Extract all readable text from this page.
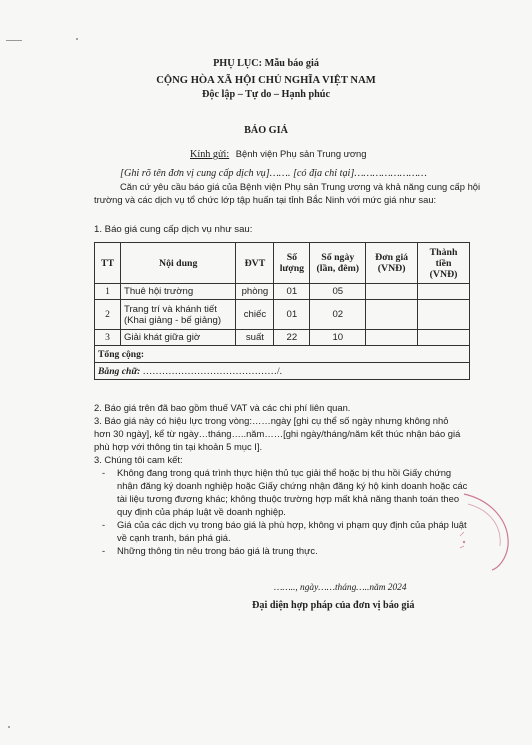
PHỤ LỤC: Mẫu báo giá
CỘNG HÒA XÃ HỘI CHỦ NGHĨA VIỆT NAM
Độc lập – Tự do – Hạnh phúc
BÁO GIÁ
Kính gửi: Bệnh viện Phụ sản Trung ương
[Ghi rõ tên đơn vị cung cấp dịch vụ]……. [có địa chỉ tại]……………………
Căn cứ yêu cầu báo giá của Bệnh viện Phụ sản Trung ương và khả năng cung cấp hội
trường và các dịch vụ tổ chức lớp tập huấn tại tỉnh Bắc Ninh với mức giá như sau:
1. Báo giá cung cấp dịch vụ như sau:
TT	Nội dung	ĐVT	Số
lượng	Số ngày
(lần, đêm)	Đơn giá
(VNĐ)	Thành tiền
(VNĐ)
1	Thuê hội trường	phòng	01	05		
2	Trang trí và khánh tiết
(Khai giảng - bế giảng)	chiếc	01	02		
3	Giải khát giữa giờ	suất	22	10		
Tổng cộng:						
Bằng chữ: ……………………………………/.						
2. Báo giá trên đã bao gồm thuế VAT và các chi phí liên quan.
3. Báo giá này có hiệu lực trong vòng:……ngày [ghi cụ thể số ngày nhưng không nhỏ
hơn 30 ngày], kể từ ngày…tháng…..năm……[ghi ngày/tháng/năm kết thúc nhận báo giá
phù hợp với thông tin tại khoản 5 mục I].
3. Chúng tôi cam kết:
- Không đang trong quá trình thực hiện thủ tục giải thể hoặc bị thu hồi Giấy chứng
nhận đăng ký doanh nghiệp hoặc Giấy chứng nhận đăng ký hộ kinh doanh hoặc các
tài liệu tương đương khác; không thuộc trường hợp mất khả năng thanh toán theo
quy định của pháp luật về doanh nghiệp.
- Giá của các dịch vụ trong báo giá là phù hợp, không vi phạm quy định của pháp luật
về cạnh tranh, bán phá giá.
- Những thông tin nêu trong báo giá là trung thực.
…….., ngày……tháng…..năm 2024
Đại diện hợp pháp của đơn vị báo giá
